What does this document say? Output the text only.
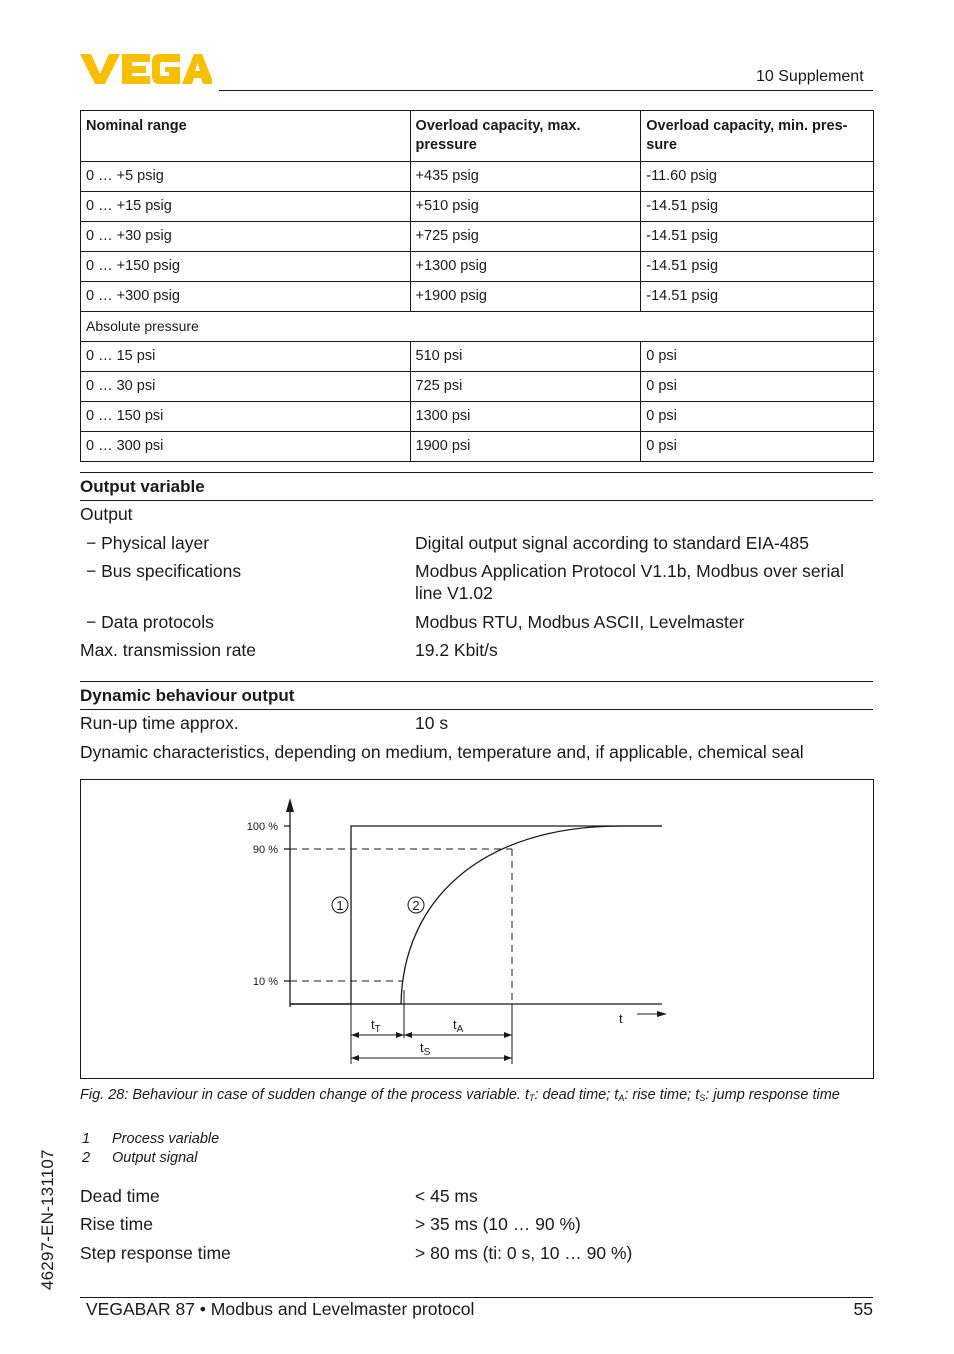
10 Supplement
Nominal range	Overload capacity, max. pressure	Overload capacity, min. pres-sure
0 … +5 psig	+435 psig	-11.60 psig
0 … +15 psig	+510 psig	-14.51 psig
0 … +30 psig	+725 psig	-14.51 psig
0 … +150 psig	+1300 psig	-14.51 psig
0 … +300 psig	+1900 psig	-14.51 psig
Absolute pressure		
0 … 15 psi	510 psi	0 psi
0 … 30 psi	725 psi	0 psi
0 … 150 psi	1300 psi	0 psi
0 … 300 psi	1900 psi	0 psi
Output variable
Output
− Physical layer	Digital output signal according to standard EIA-485
− Bus specifications	Modbus Application Protocol V1.1b, Modbus over serial line V1.02
− Data protocols	Modbus RTU, Modbus ASCII, Levelmaster
Max. transmission rate	19.2 Kbit/s
Dynamic behaviour output
Run-up time approx.	10 s
Dynamic characteristics, depending on medium, temperature and, if applicable, chemical seal
100 %
90 %
10 %
1	2
t
$t_T$	$t_A$
$t_S$
Fig. 28: Behaviour in case of sudden change of the process variable. $t_T$: dead time; $t_A$: rise time; $t_S$: jump response time
1 Process variable
2 Output signal
Dead time	< 45 ms
Rise time	> 35 ms (10 … 90 %)
Step response time	> 80 ms (ti: 0 s, 10 … 90 %)
46297-EN-131107
VEGABAR 87 • Modbus and Levelmaster protocol	55
